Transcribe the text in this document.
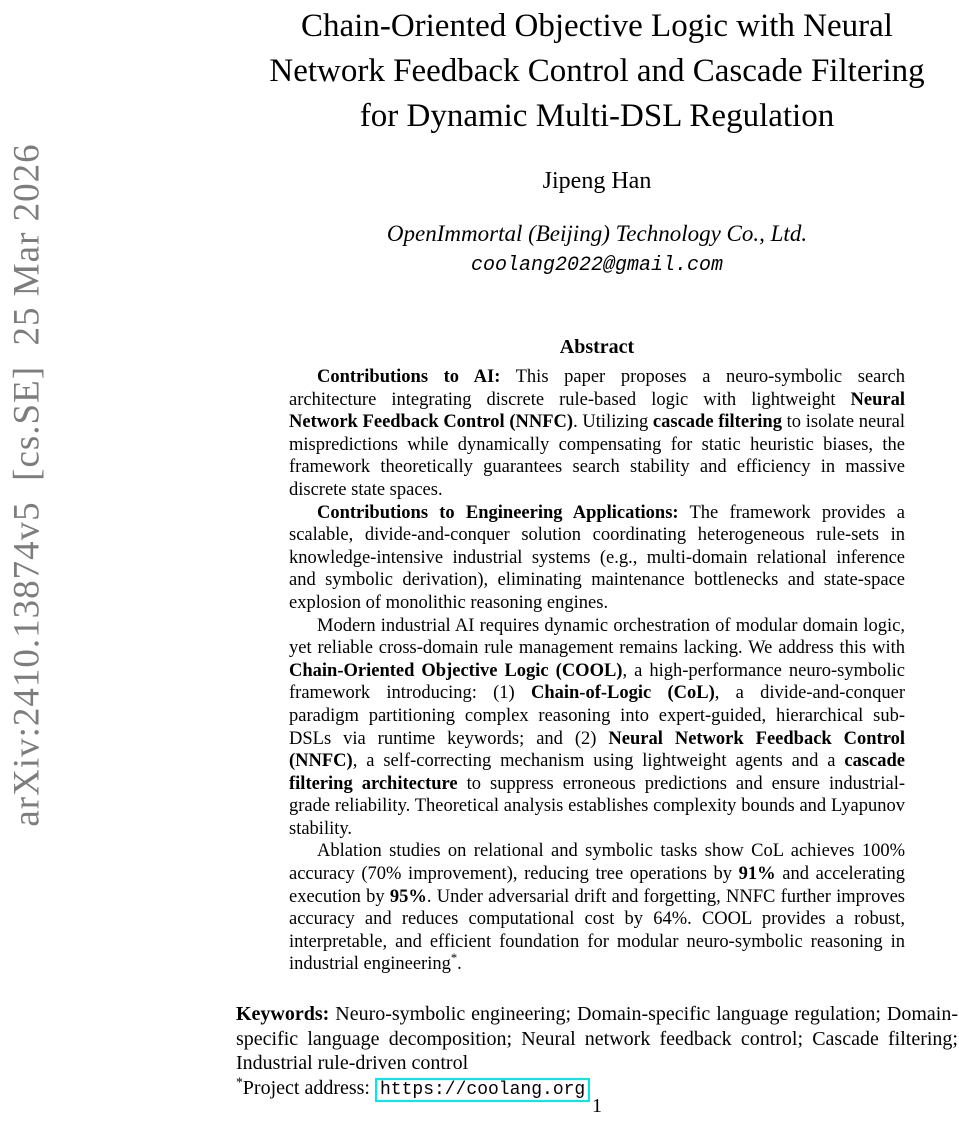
arXiv:2410.13874v5  [cs.SE]  25 Mar 2026
Chain-Oriented Objective Logic with Neural
Network Feedback Control and Cascade Filtering
for Dynamic Multi-DSL Regulation
Jipeng Han
OpenImmortal (Beijing) Technology Co., Ltd.
coolang2022@gmail.com
Abstract

Contributions to AI: This paper proposes a neuro-symbolic search architecture integrating discrete rule-based logic with lightweight Neural Network Feedback Control (NNFC). Utilizing cascade filtering to isolate neural mispredictions while dynamically compensating for static heuristic biases, the framework theoretically guarantees search stability and efficiency in massive discrete state spaces.

Contributions to Engineering Applications: The framework provides a scalable, divide-and-conquer solution coordinating heterogeneous rule-sets in knowledge-intensive industrial systems (e.g., multi-domain relational inference and symbolic derivation), eliminating maintenance bottlenecks and state-space explosion of monolithic reasoning engines.

Modern industrial AI requires dynamic orchestration of modular domain logic, yet reliable cross-domain rule management remains lacking. We address this with Chain-Oriented Objective Logic (COOL), a high-performance neuro-symbolic framework introducing: (1) Chain-of-Logic (CoL), a divide-and-conquer paradigm partitioning complex reasoning into expert-guided, hierarchical sub-DSLs via runtime keywords; and (2) Neural Network Feedback Control (NNFC), a self-correcting mechanism using lightweight agents and a cascade filtering architecture to suppress erroneous predictions and ensure industrial-grade reliability. Theoretical analysis establishes complexity bounds and Lyapunov stability.

Ablation studies on relational and symbolic tasks show CoL achieves 100% accuracy (70% improvement), reducing tree operations by 91% and accelerating execution by 95%. Under adversarial drift and forgetting, NNFC further improves accuracy and reduces computational cost by 64%. COOL provides a robust, interpretable, and efficient foundation for modular neuro-symbolic reasoning in industrial engineering*.

Keywords: Neuro-symbolic engineering; Domain-specific language regulation; Domain-specific language decomposition; Neural network feedback control; Cascade filtering; Industrial rule-driven control

*Project address: https://coolang.org

1
